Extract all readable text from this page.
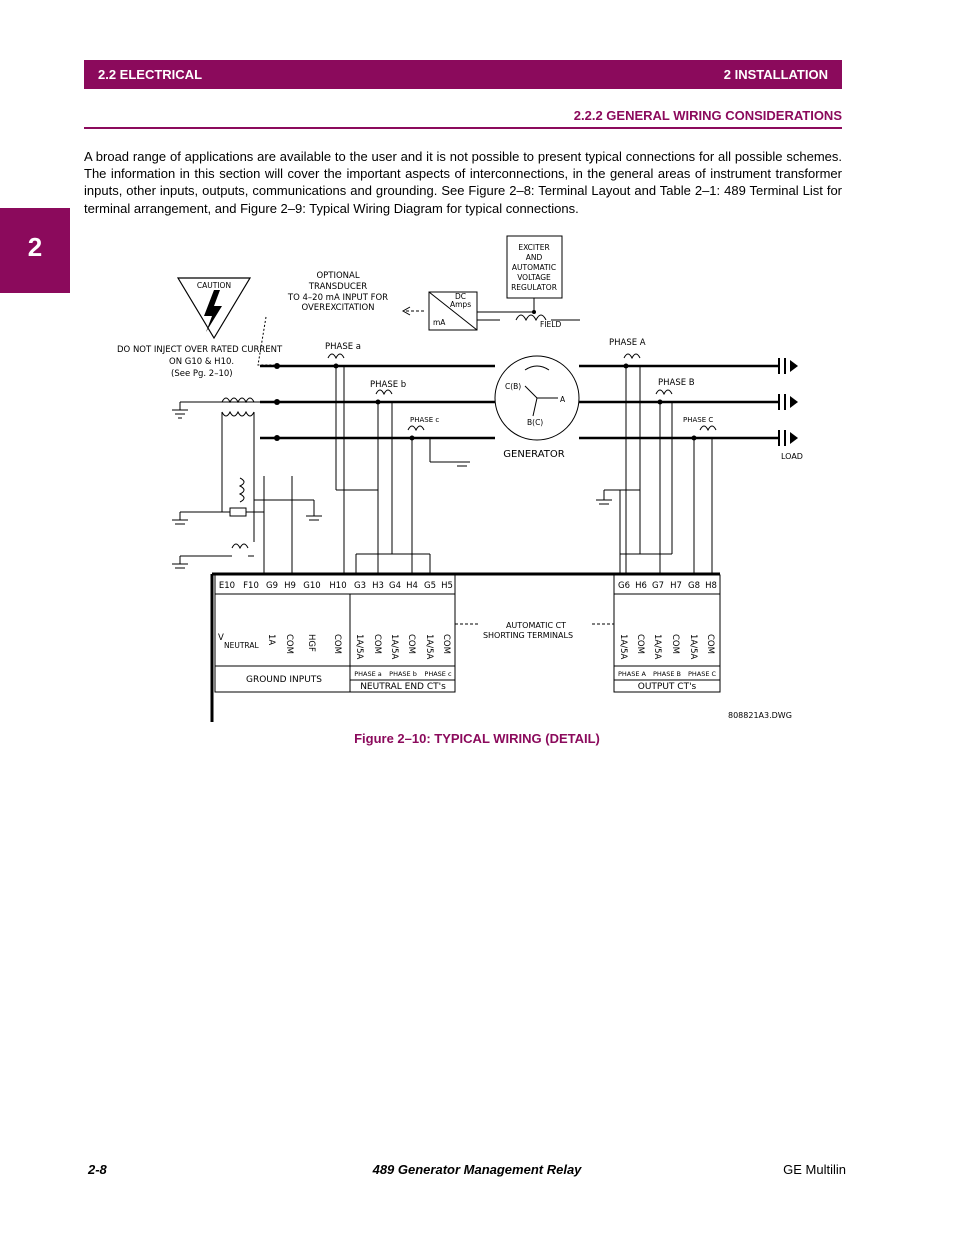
2.2 ELECTRICAL	2 INSTALLATION
2.2.2 GENERAL WIRING CONSIDERATIONS
2
A broad range of applications are available to the user and it is not possible to present typical connections for all possible schemes. The information in this section will cover the important aspects of interconnections, in the general areas of instrument transformer inputs, other inputs, outputs, communications and grounding. See Figure 2–8: Terminal Layout and Table 2–1: 489 Terminal List for terminal arrangement, and Figure 2–9: Typical Wiring Diagram for typical connections.
CAUTION
DO NOT INJECT OVER RATED CURRENT
ON G10 & H10.
(See Pg. 2–10)
OPTIONAL
TRANSDUCER
TO 4–20 mA INPUT FOR
OVEREXCITATION
DC
Amps
mA
EXCITER
AND
AUTOMATIC
VOLTAGE
REGULATOR
FIELD
PHASE a
PHASE b
PHASE c
PHASE A
PHASE B
PHASE C
GENERATOR
C(B)
A
B(C)
LOAD
E10 F10 G9 H9 G10 H10 G3 H3 G4 H4 G5 H5	G6 H6 G7 H7 G8 H8
V
NEUTRAL
1A COM HGF COM 1A/5A COM 1A/5A COM 1A/5A COM	1A/5A COM 1A/5A COM 1A/5A COM
AUTOMATIC CT
SHORTING TERMINALS
PHASE a PHASE b PHASE c	PHASE A PHASE B PHASE C
GROUND INPUTS
NEUTRAL END CT's	OUTPUT CT's
808821A3.DWG
Figure 2–10: TYPICAL WIRING (DETAIL)
2-8	489 Generator Management Relay	GE Multilin
